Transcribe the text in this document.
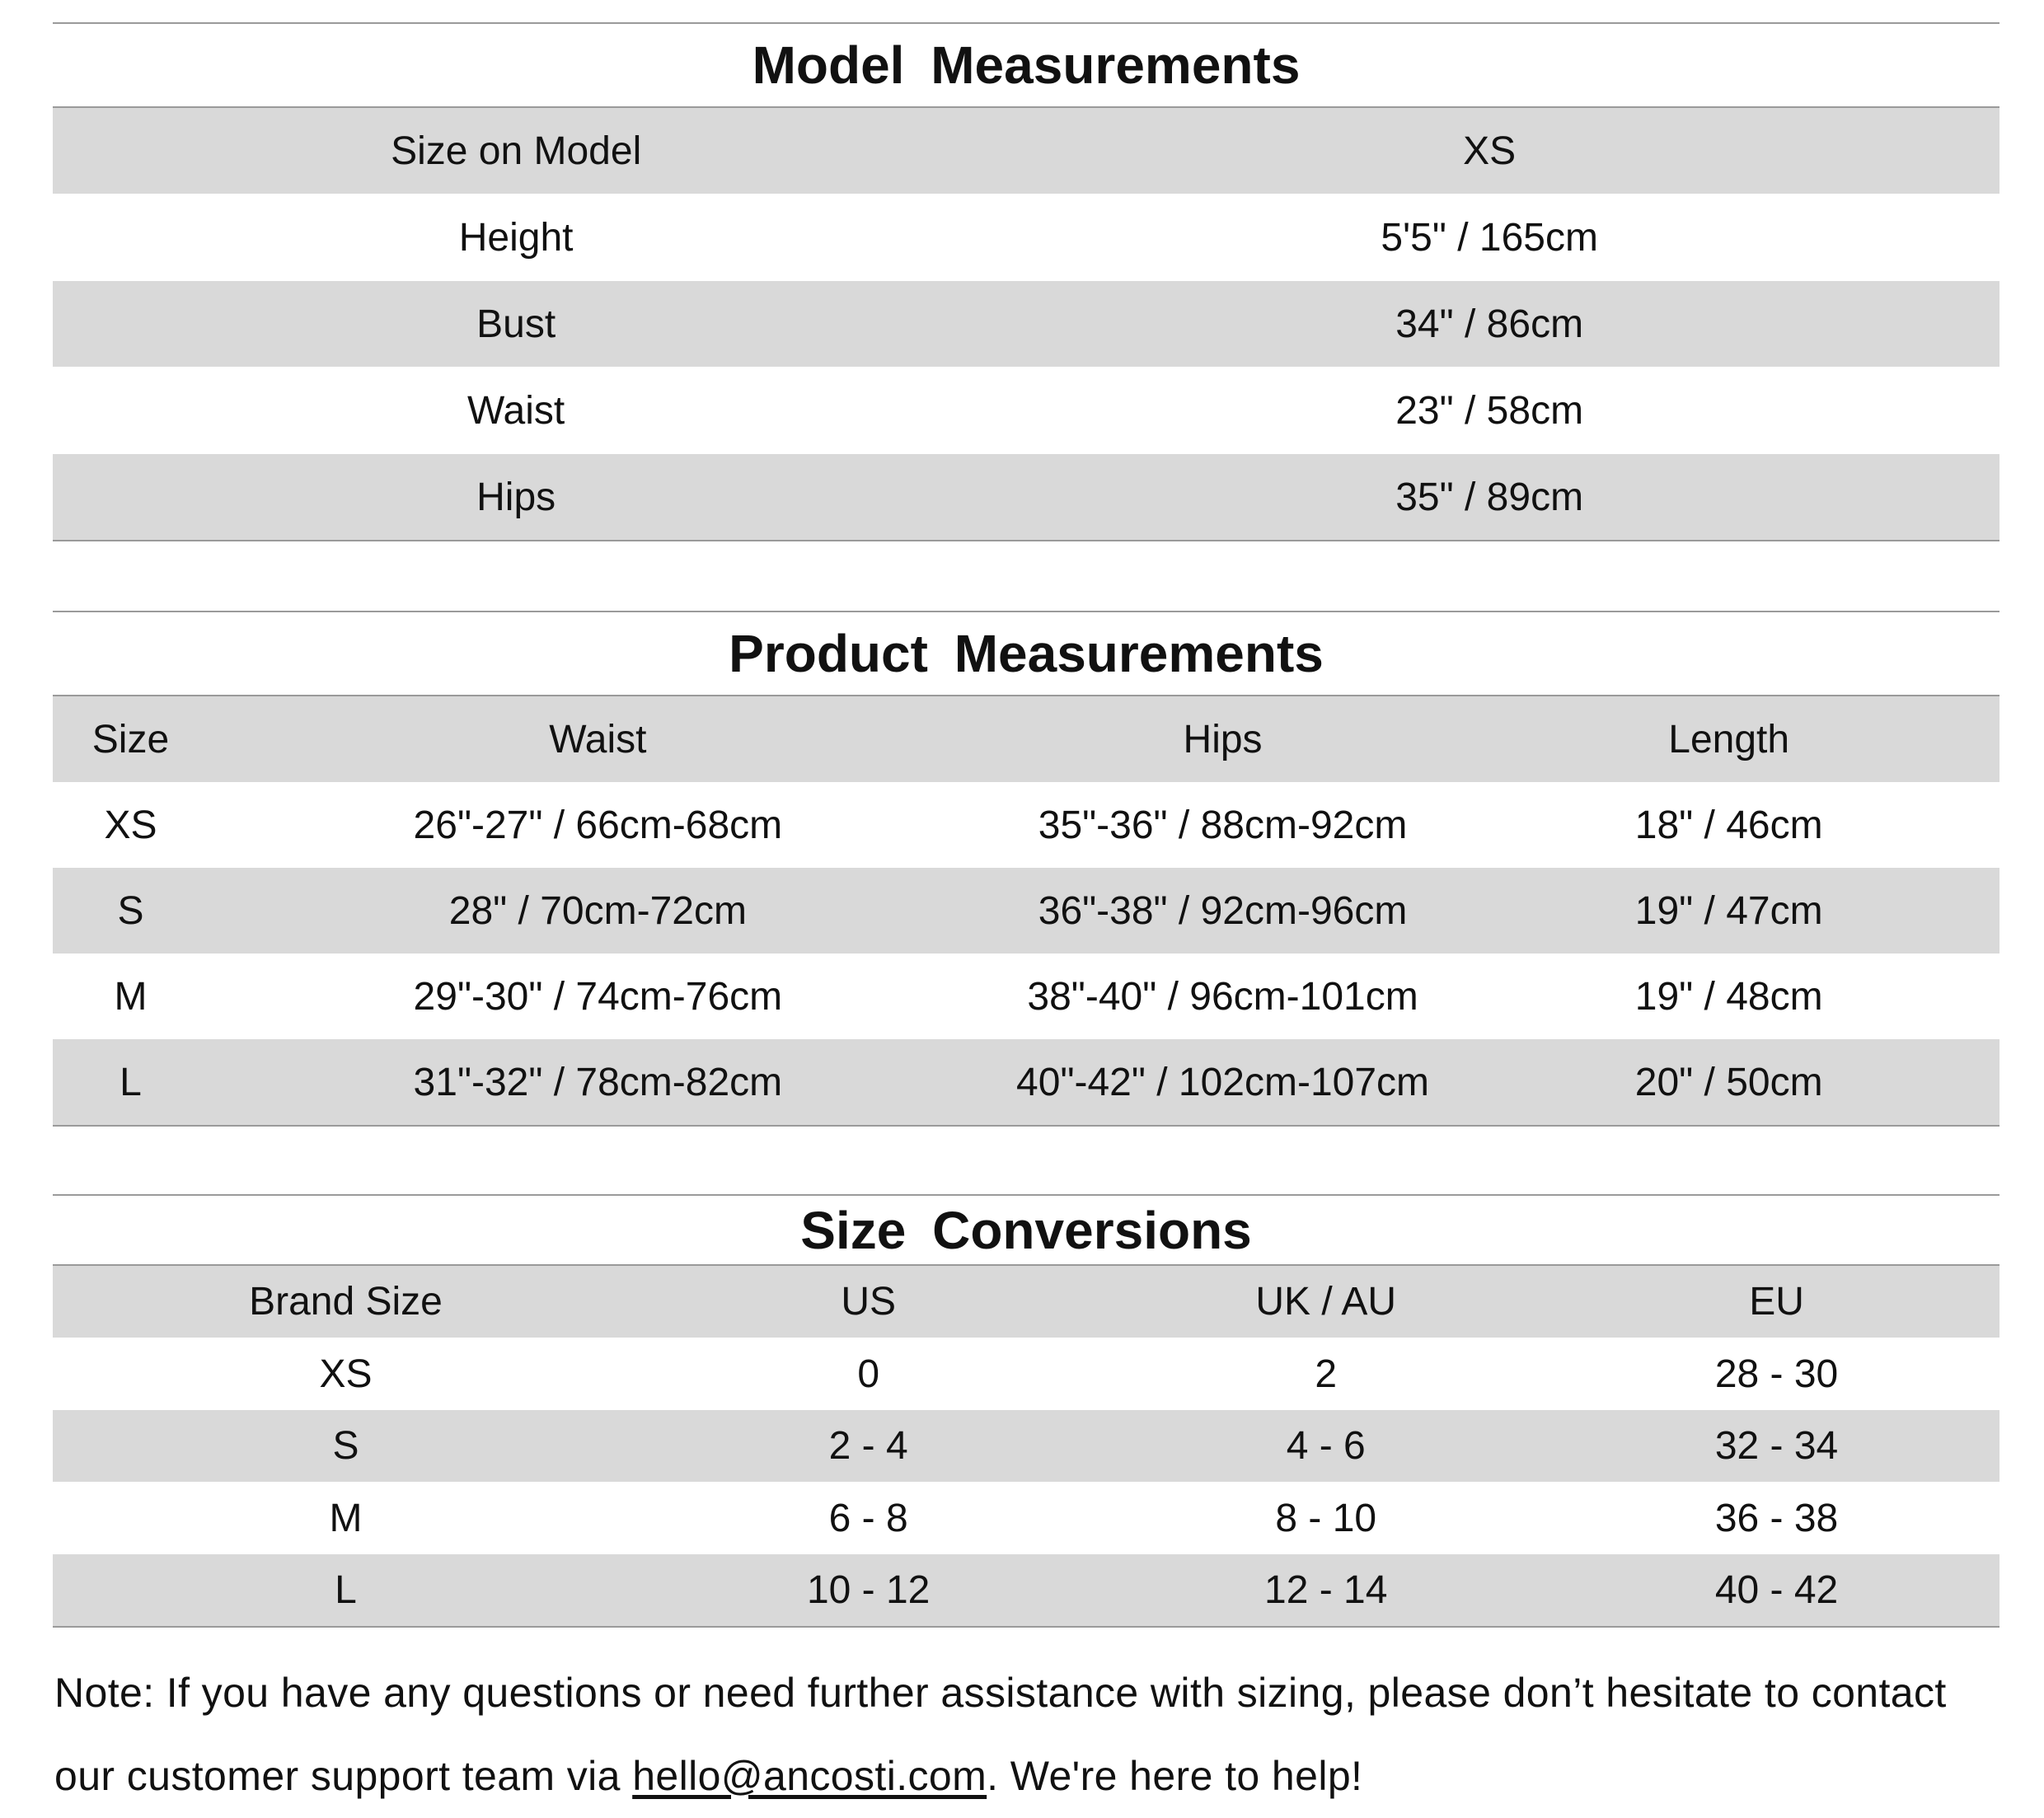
Model Measurements
Size on Model	XS
Height	5'5" / 165cm
Bust	34" / 86cm
Waist	23" / 58cm
Hips	35" / 89cm
Product Measurements
Size	Waist	Hips	Length
XS	26"-27" / 66cm-68cm	35"-36" / 88cm-92cm	18" / 46cm
S	28" / 70cm-72cm	36"-38" / 92cm-96cm	19" / 47cm
M	29"-30" / 74cm-76cm	38"-40" / 96cm-101cm	19" / 48cm
L	31"-32" / 78cm-82cm	40"-42" / 102cm-107cm	20" / 50cm
Size Conversions
Brand Size	US	UK / AU	EU
XS	0	2	28 - 30
S	2 - 4	4 - 6	32 - 34
M	6 - 8	8 - 10	36 - 38
L	10 - 12	12 - 14	40 - 42
Note: If you have any questions or need further assistance with sizing, please don’t hesitate to contact our customer support team via hello@ancosti.com. We're here to help!
